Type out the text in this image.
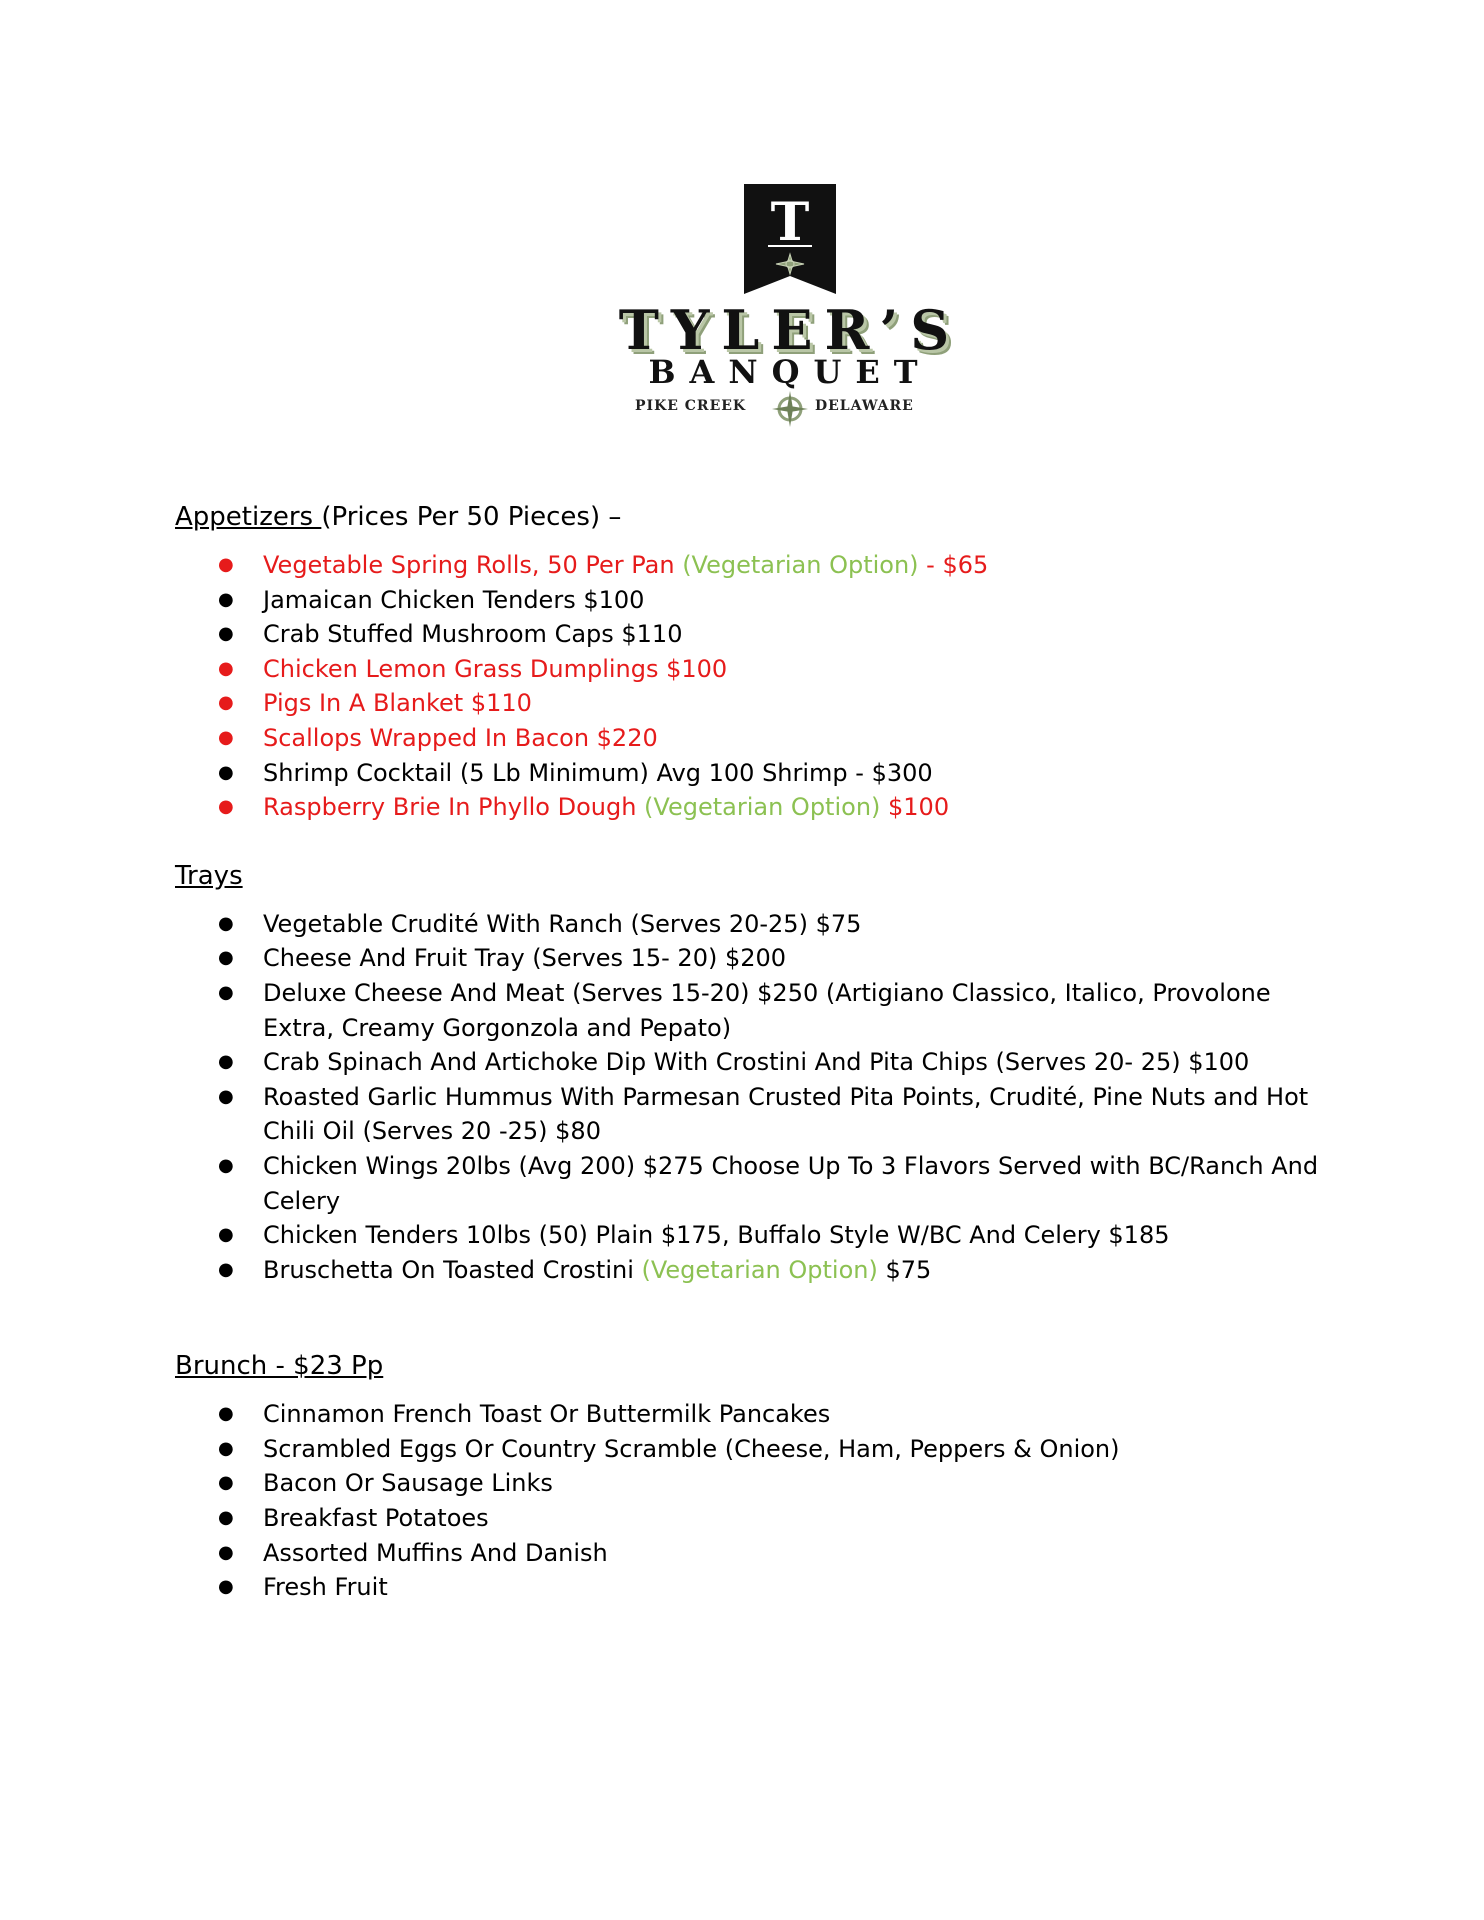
T
TYLER’S
BANQUET
PIKE CREEK	DELAWARE

Appetizers (Prices Per 50 Pieces) –

● Vegetable Spring Rolls, 50 Per Pan (Vegetarian Option) - $65
● Jamaican Chicken Tenders $100
● Crab Stuffed Mushroom Caps $110
● Chicken Lemon Grass Dumplings $100
● Pigs In A Blanket $110
● Scallops Wrapped In Bacon $220
● Shrimp Cocktail (5 Lb Minimum) Avg 100 Shrimp - $300
● Raspberry Brie In Phyllo Dough (Vegetarian Option) $100

Trays

● Vegetable Crudité With Ranch (Serves 20-25) $75
● Cheese And Fruit Tray (Serves 15- 20) $200
● Deluxe Cheese And Meat (Serves 15-20) $250 (Artigiano Classico, Italico, Provolone Extra, Creamy Gorgonzola and Pepato)
● Crab Spinach And Artichoke Dip With Crostini And Pita Chips (Serves 20- 25) $100
● Roasted Garlic Hummus With Parmesan Crusted Pita Points, Crudité, Pine Nuts and Hot Chili Oil (Serves 20 -25) $80
● Chicken Wings 20lbs (Avg 200) $275 Choose Up To 3 Flavors Served with BC/Ranch And Celery
● Chicken Tenders 10lbs (50) Plain $175, Buffalo Style W/BC And Celery $185
● Bruschetta On Toasted Crostini (Vegetarian Option) $75

Brunch - $23 Pp

● Cinnamon French Toast Or Buttermilk Pancakes
● Scrambled Eggs Or Country Scramble (Cheese, Ham, Peppers & Onion)
● Bacon Or Sausage Links
● Breakfast Potatoes
● Assorted Muffins And Danish
● Fresh Fruit
